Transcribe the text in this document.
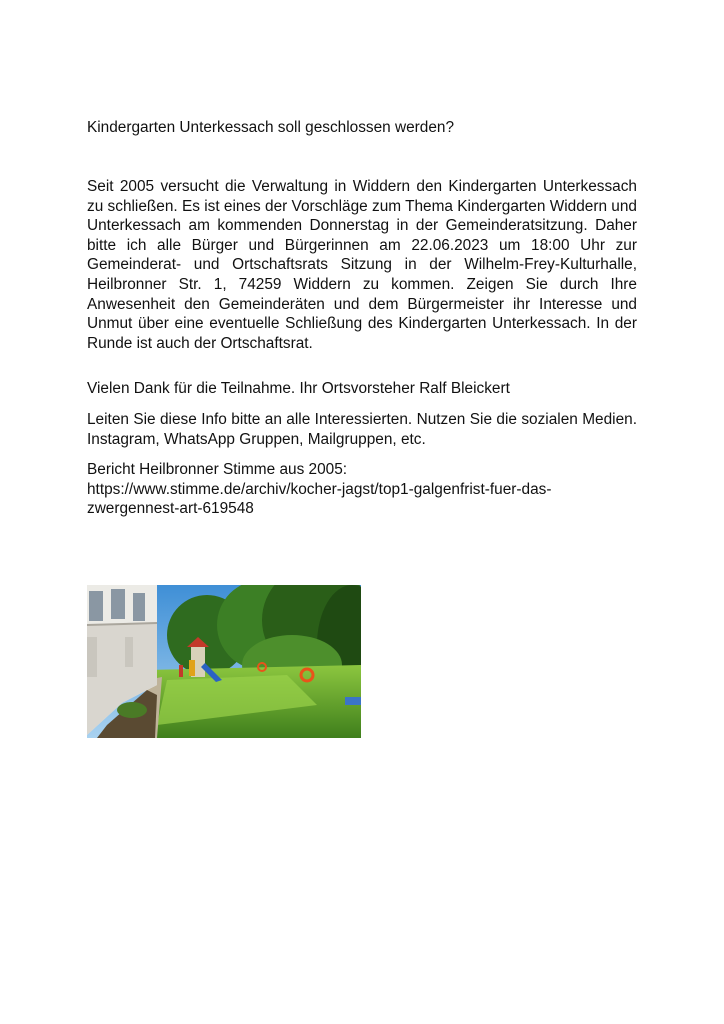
Kindergarten Unterkessach soll geschlossen werden?
Seit 2005 versucht die Verwaltung in Widdern den Kindergarten Unterkessach zu schließen. Es ist eines der Vorschläge zum Thema Kindergarten Widdern und Unterkessach am kommenden Donnerstag in der Gemeinderatsitzung. Daher bitte ich alle Bürger und Bürgerinnen am 22.06.2023 um 18:00 Uhr zur Gemeinderat- und Ortschaftsrats Sitzung in der Wilhelm-Frey-Kulturhalle, Heilbronner Str. 1, 74259 Widdern zu kommen. Zeigen Sie durch Ihre Anwesenheit den Gemeinderäten und dem Bürgermeister ihr Interesse und Unmut über eine eventuelle Schließung des Kindergarten Unterkessach. In der Runde ist auch der Ortschaftsrat.
Vielen Dank für die Teilnahme. Ihr Ortsvorsteher Ralf Bleickert
Leiten Sie diese Info bitte an alle Interessierten. Nutzen Sie die sozialen Medien. Instagram, WhatsApp Gruppen, Mailgruppen, etc.
Bericht Heilbronner Stimme aus 2005:
https://www.stimme.de/archiv/kocher-jagst/top1-galgenfrist-fuer-das-
zwergennest-art-619548
